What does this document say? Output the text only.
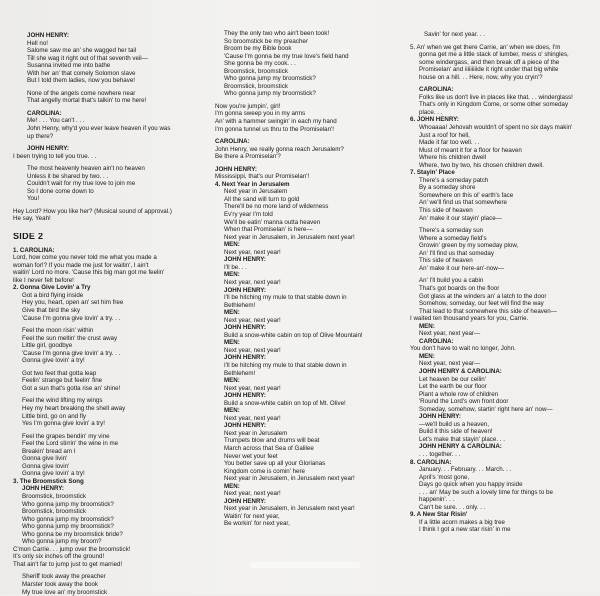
JOHN HENRY:
Hell no!
Salome saw me an' she wagged her tail
Till she wag it right out of that seventh veil—
Susanna invited me into bathe
With her an' that comely Solomon slave
But I told them ladies, now you behave!
None of the angels come nowhere near
That angelly mortal that's talkin' to me here!
CAROLINA:
Me! . . . You can't . . .
John Henry, why'd you ever leave heaven if you was
up there?
JOHN HENRY:
I been trying to tell you true. . .
The most heavenly heaven ain't no heaven
Unless it be shared by two. . .
Couldn't wait for my true love to join me
So I done come down to
You!
Hey Lord? How you like her? (Musical sound of approval.)
He say, Yeah!
SIDE 2
1. CAROLINA:
Lord, how come you never told me what you made a
woman for!? If you made me just for waitin', I ain't
waitin' Lord no more. 'Cause this big man got me feelin'
like I never felt before!
2. Gonna Give Lovin' a Try
Got a bird flying inside
Hey you, heart, open an' set him free
Give that bird the sky
'Cause I'm gonna give lovin' a try. . .
Feel the moon risin' within
Feel the sun meltin' the crust away
Little girl, goodbye
'Cause I'm gonna give lovin' a try. . .
Gonna give lovin' a try!
Got two feet that gotta leap
Feelin' strange but feelin' fine
Got a sun that's gotta rise an' shine!
Feel the wind lifting my wings
Hey my heart breaking the shell away
Little bird, go on and fly
Yes I'm gonna give lovin' a try!
Feel the grapes bendin' my vine
Feel the Lord stirrin' the wine in me
Breakin' bread am I
Gonna give livin'
Gonna give lovin'
Gonna give lovin' a try!
3. The Broomstick Song
JOHN HENRY:
Broomstick, broomstick
Who gonna jump my broomstick?
Broomstick, broomstick
Who gonna jump my broomstick?
Who gonna jump my broomstick?
Who gonna be my broomstick bride?
Who gonna jump my broom?
C'mon Carrie. . . jump over the broomstick!
It's only six inches off the ground!
That ain't far to jump just to get married!
Sheriff took away the preacher
Marster took away the book
My true love an' my broomstick
They the only two who ain't been took!
So broomstick be my preacher
Broom be my Bible book
'Cause I'm gonna be my true love's field hand
She gonna be my cook. . .
Broomstick, broomstick
Who gonna jump my broomstick?
Broomstick, broomstick
Who gonna jump my broomstick?
Now you're jumpin', girl!
I'm gonna sweep you in my arms
An' with a hammer swingin' in each my hand
I'm gonna tunnel us thru to the Promiselan'!
CAROLINA:
John Henry, we really gonna reach Jerusalem?
Be there a Promiselan'?
JOHN HENRY:
Mississippi, that's our Promiselan'!
4. Next Year in Jerusalem
Next year in Jerusalem
All the sand will turn to gold
There'll be no more land of wilderness
Ev'ry year I'm told
We'll be eatin' manna outta heaven
When that Promiselan' is here—
Next year in Jerusalem, in Jerusalem next year!
MEN:
Next year, next year!
JOHN HENRY:
I'll be. . .
MEN:
Next year, next year!
JOHN HENRY:
I'll be hitching my mule to that stable down in
Bethlehem!
MEN:
Next year, next year!
JOHN HENRY:
Build a snow-white cabin on top of Olive Mountain!
MEN:
Next year, next year!
JOHN HENRY:
I'll be hitching my mule to that stable down in
Bethlehem!
MEN:
Next year, next year!
JOHN HENRY:
Build a snow-white cabin on top of Mt. Olive!
MEN:
Next year, next year!
JOHN HENRY:
Next year in Jerusalem
Trumpets blow and drums will beat
March across that Sea of Galilee
Never wet your feet
You better save up all your Glorianas
Kingdom come is comin' here
Next year in Jerusalem, in Jerusalem next year!
MEN:
Next year, next year!
JOHN HENRY:
Next year in Jerusalem, in Jerusalem next year!
Waitin' for next year,
Be workin' for next year,
Savin' for next year. . .
5. An' when we get there Carrie, an' when we does, I'm
gonna get me a little stack of lumber, mess o' shingles,
some windergass, and then break off a piece of the
Promiselan' and iiiiiiiiide it right under that big white
house on a hill. . . Here, now, why you cryin'?
CAROLINA:
Folks like us don't live in places like that. . . winderglass!
That's only in Kingdom Come, or some other someday
place. . .
6. JOHN HENRY:
Whoaaaa! Jehovah wouldn't of spent no six days makin'
Just a roof for hell,
Made it far too well. . .
Must of meant it for a floor for heaven
Where his children dwell
Where, two by two, his chosen children dwell.
7. Stayin' Place
There's a someday patch
By a someday shore
Somewhere on this ol' earth's face
An' we'll find us that somewhere
This side of heaven
An' make it our stayin' place—
There's a someday sun
Where a someday field's
Growin' green by my someday plow,
An' I'll find us that someday
This side of heaven
An' make it our here-an'-now—
An' I'll build you a cabin
That's got boards on the floor
Got glass at the winders an' a latch to the door
Somehow, someday, our feet will find the way
That lead to that somewhere this side of heaven—
I waited ten thousand years for you, Carrie.
MEN:
Next year, next year—
CAROLINA:
You don't have to wait no longer, John.
MEN:
Next year, next year—
JOHN HENRY & CAROLINA:
Let heaven be our ceilin'
Let the earth be our floor
Plant a whole row of children
'Round the Lord's own front door
Someday, somehow, startin' right here an' now—
JOHN HENRY:
—we'll build us a heaven,
Build it this side of heaven!
Let's make that stayin' place. . .
JOHN HENRY & CAROLINA:
. . . together. . .
8. CAROLINA:
January. . . February. . . March. . .
April's 'most gone,
Days go quick when you happy inside
. . . an' May be such a lovely time for things to be
happenin'. . .
Can't be sure. . . only. . .
9. A New Star Risin'
If a little acorn makes a big tree
I think I got a new star risin' in me
